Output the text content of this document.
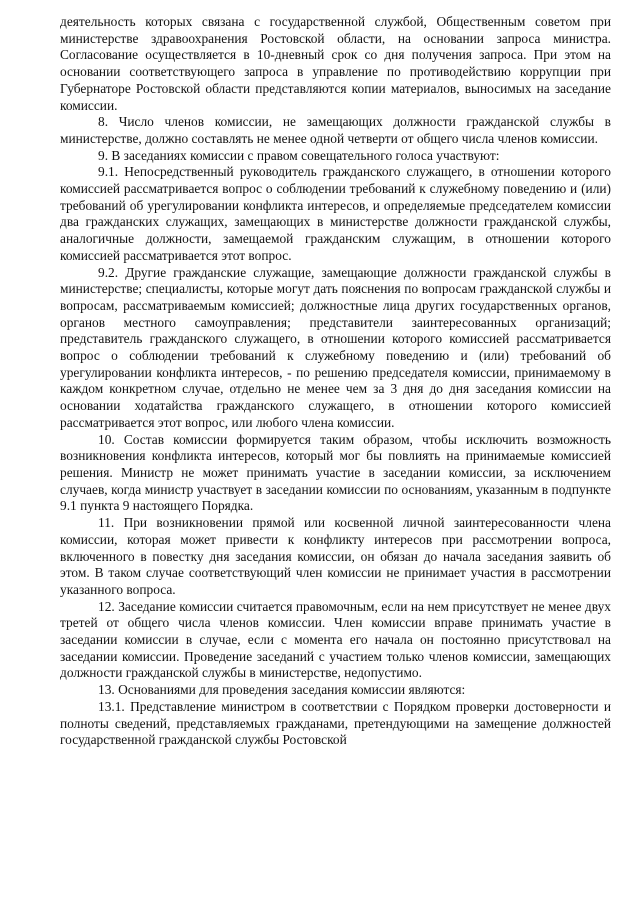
деятельность которых связана с государственной службой, Общественным советом при министерстве здравоохранения Ростовской области, на основании запроса министра. Согласование осуществляется в 10-дневный срок со дня получения запроса. При этом на основании соответствующего запроса в управление по противодействию коррупции при Губернаторе Ростовской области представляются копии материалов, выносимых на заседание комиссии.

8. Число членов комиссии, не замещающих должности гражданской службы в министерстве, должно составлять не менее одной четверти от общего числа членов комиссии.

9. В заседаниях комиссии с правом совещательного голоса участвуют:

9.1. Непосредственный руководитель гражданского служащего, в отношении которого комиссией рассматривается вопрос о соблюдении требований к служебному поведению и (или) требований об урегулировании конфликта интересов, и определяемые председателем комиссии два гражданских служащих, замещающих в министерстве должности гражданской службы, аналогичные должности, замещаемой гражданским служащим, в отношении которого комиссией рассматривается этот вопрос.

9.2. Другие гражданские служащие, замещающие должности гражданской службы в министерстве; специалисты, которые могут дать пояснения по вопросам гражданской службы и вопросам, рассматриваемым комиссией; должностные лица других государственных органов, органов местного самоуправления; представители заинтересованных организаций; представитель гражданского служащего, в отношении которого комиссией рассматривается вопрос о соблюдении требований к служебному поведению и (или) требований об урегулировании конфликта интересов, - по решению председателя комиссии, принимаемому в каждом конкретном случае, отдельно не менее чем за 3 дня до дня заседания комиссии на основании ходатайства гражданского служащего, в отношении которого комиссией рассматривается этот вопрос, или любого члена комиссии.

10. Состав комиссии формируется таким образом, чтобы исключить возможность возникновения конфликта интересов, который мог бы повлиять на принимаемые комиссией решения. Министр не может принимать участие в заседании комиссии, за исключением случаев, когда министр участвует в заседании комиссии по основаниям, указанным в подпункте 9.1 пункта 9 настоящего Порядка.

11. При возникновении прямой или косвенной личной заинтересованности члена комиссии, которая может привести к конфликту интересов при рассмотрении вопроса, включенного в повестку дня заседания комиссии, он обязан до начала заседания заявить об этом. В таком случае соответствующий член комиссии не принимает участия в рассмотрении указанного вопроса.

12. Заседание комиссии считается правомочным, если на нем присутствует не менее двух третей от общего числа членов комиссии. Член комиссии вправе принимать участие в заседании комиссии в случае, если с момента его начала он постоянно присутствовал на заседании комиссии. Проведение заседаний с участием только членов комиссии, замещающих должности гражданской службы в министерстве, недопустимо.

13. Основаниями для проведения заседания комиссии являются:

13.1. Представление министром в соответствии с Порядком проверки достоверности и полноты сведений, представляемых гражданами, претендующими на замещение должностей государственной гражданской службы Ростовской
